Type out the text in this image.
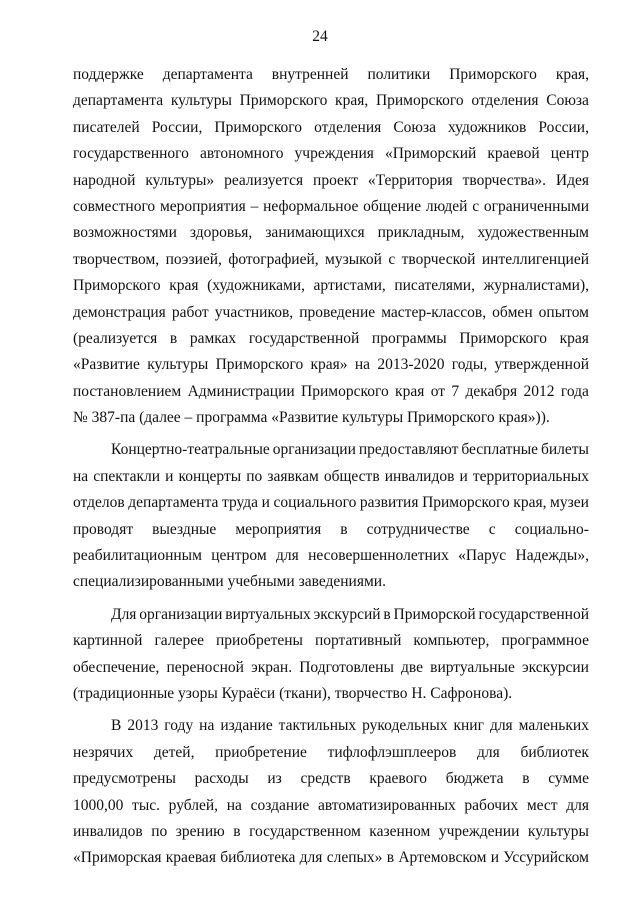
24
поддержке департамента внутренней политики Приморского края,
департамента культуры Приморского края, Приморского отделения Союза
писателей России, Приморского отделения Союза художников России,
государственного автономного учреждения «Приморский краевой центр
народной культуры» реализуется проект «Территория творчества». Идея
совместного мероприятия – неформальное общение людей с ограниченными
возможностями здоровья, занимающихся прикладным, художественным
творчеством, поэзией, фотографией, музыкой с творческой интеллигенцией
Приморского края (художниками, артистами, писателями, журналистами),
демонстрация работ участников, проведение мастер-классов, обмен опытом
(реализуется в рамках государственной программы Приморского края
«Развитие культуры Приморского края» на 2013-2020 годы, утвержденной
постановлением Администрации Приморского края от 7 декабря 2012 года
№ 387-па (далее – программа «Развитие культуры Приморского края»)).
Концертно-театральные организации предоставляют бесплатные билеты
на спектакли и концерты по заявкам обществ инвалидов и территориальных
отделов департамента труда и социального развития Приморского края, музеи
проводят выездные мероприятия в сотрудничестве с социально-
реабилитационным центром для несовершеннолетних «Парус Надежды»,
специализированными учебными заведениями.
Для организации виртуальных экскурсий в Приморской государственной
картинной галерее приобретены портативный компьютер, программное
обеспечение, переносной экран. Подготовлены две виртуальные экскурсии
(традиционные узоры Кураёси (ткани), творчество Н. Сафронова).
В 2013 году на издание тактильных рукодельных книг для маленьких
незрячих детей, приобретение тифлофлэшплееров для библиотек
предусмотрены расходы из средств краевого бюджета в сумме
1000,00 тыс. рублей, на создание автоматизированных рабочих мест для
инвалидов по зрению в государственном казенном учреждении культуры
«Приморская краевая библиотека для слепых» в Артемовском и Уссурийском
